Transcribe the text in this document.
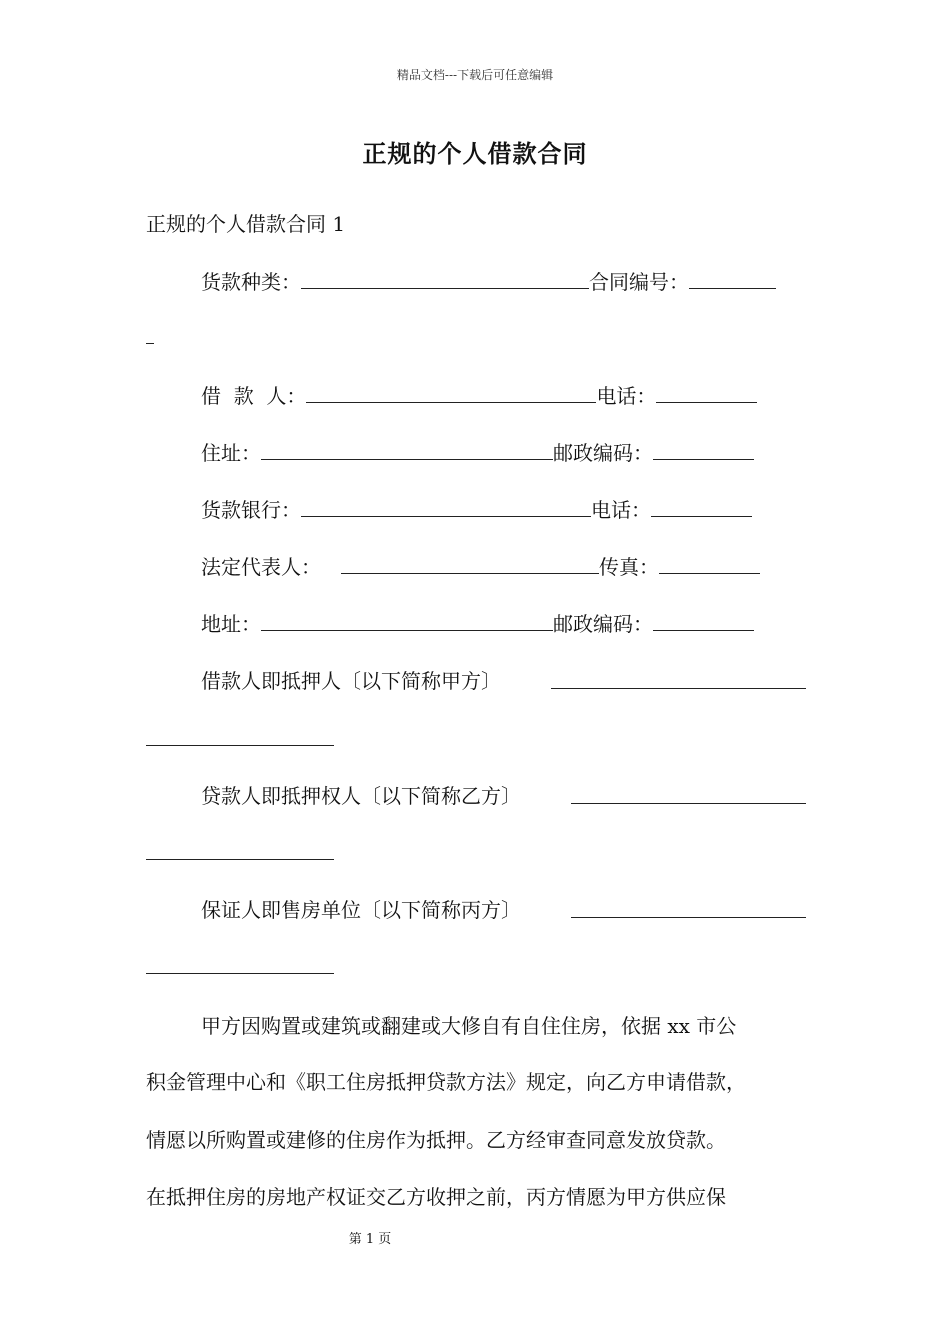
精品文档---下载后可任意编辑
正规的个人借款合同
正规的个人借款合同 1
货款种类：	合同编号：
借  款  人：	电话：
住址：	邮政编码：
货款银行：	电话：
法定代表人：	传真：
地址：	邮政编码：
借款人即抵押人〔以下简称甲方〕
贷款人即抵押权人〔以下简称乙方〕
保证人即售房单位〔以下简称丙方〕
甲方因购置或建筑或翻建或大修自有自住住房，依据 xx 市公
积金管理中心和《职工住房抵押贷款方法》规定，向乙方申请借款，
情愿以所购置或建修的住房作为抵押。乙方经审查同意发放贷款。
在抵押住房的房地产权证交乙方收押之前，丙方情愿为甲方供应保
第 1 页
